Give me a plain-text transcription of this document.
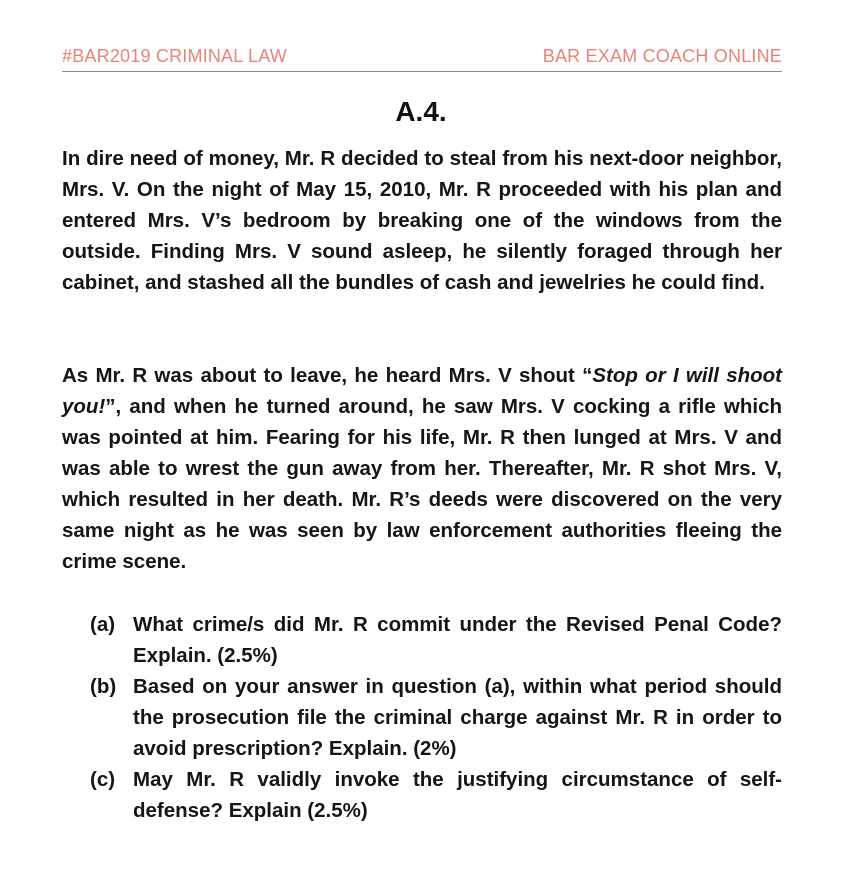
#BAR2019 CRIMINAL LAW	BAR EXAM COACH ONLINE
A.4.

In dire need of money, Mr. R decided to steal from his next-door neighbor, Mrs. V. On the night of May 15, 2010, Mr. R proceeded with his plan and entered Mrs. V’s bedroom by breaking one of the windows from the outside. Finding Mrs. V sound asleep, he silently foraged through her cabinet, and stashed all the bundles of cash and jewelries he could find.

As Mr. R was about to leave, he heard Mrs. V shout “Stop or I will shoot you!”, and when he turned around, he saw Mrs. V cocking a rifle which was pointed at him. Fearing for his life, Mr. R then lunged at Mrs. V and was able to wrest the gun away from her. Thereafter, Mr. R shot Mrs. V, which resulted in her death. Mr. R’s deeds were discovered on the very same night as he was seen by law enforcement authorities fleeing the crime scene.

(a) What crime/s did Mr. R commit under the Revised Penal Code? Explain. (2.5%)
(b) Based on your answer in question (a), within what period should the prosecution file the criminal charge against Mr. R in order to avoid prescription? Explain. (2%)
(c) May Mr. R validly invoke the justifying circumstance of self-defense? Explain (2.5%)
